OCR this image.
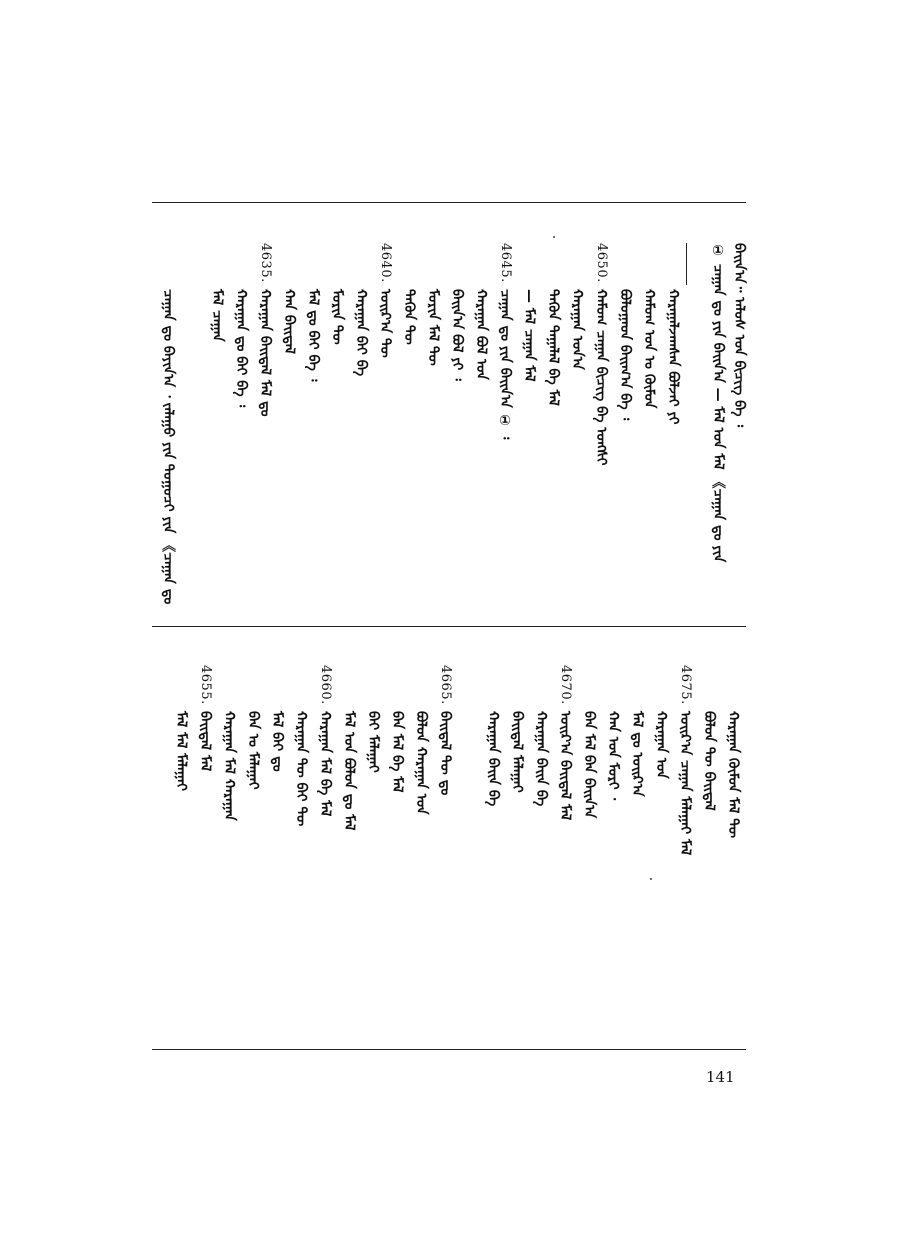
① ᠴᠠᠭᠠᠨ ᠳᠤ ᠶᠢᠨ ᠪᠠᠢᠨ᠎ᠠ — ᠮᠠᠯ ᠤᠨ ᠮᠠᠯ 《ᠴᠠᠭᠠᠨ ᠳᠤ ᠶᠢᠨ ᠪᠠᠢ᠌ᠨ᠎ᠠ᠃ ᠠᠯᠤᠰ ᠤᠨ ᠪᠢᠴᠢᠭ ᠪᠠ ᠄
ᠬᠠᠷᠠᠭᠠᠯᠵᠠᠭᠰᠠᠨ ᠪᠣᠯᠵᠠᠢ ᠶᠢ
ᠬᠠᠮᠤᠭ ᠤᠨ ᠤ ᠬᠦᠮᠦᠨ
ᠪᠤᠯᠤᠭᠠᠳ ᠪᠠᠢᠭ᠎ᠠ ᠪᠠ ᠄
4650.
ᠬᠠᠮᠤᠭ ᠴᠠᠭᠠᠨ ᠪᠢᠴᠢᠭ ᠪᠠ ᠤᠩᠰᠢ
ᠬᠠᠷᠠᠭᠠᠨ ᠤᠨ᠎ᠠ
ᠲᠡᠭᠦᠨ ᠲᠠᠭᠠᠯᠠᠯ ᠪᠠ ᠮᠠᠯ
— ᠮᠠᠯ ᠴᠠᠭᠠᠨ ᠮᠠᠯ
4645.
ᠴᠠᠭᠠᠨ ᠳᠤ ᠶᠢᠨ ᠪᠠᠢᠨ᠎ᠠ ① ᠄
ᠬᠠᠷᠠᠭᠠᠨ ᠪᠣᠯ ᠤᠨ
ᠪᠠᠢᠨ᠎ᠠ ᠪᠣᠯ ᠶᠢ ᠄
ᠮᠣᠷᠢᠨ ᠮᠠᠯ ᠲᠦ
ᠲᠡᠭᠦᠨ ᠲᠦ
4640.
ᠣᠢᠷ᠎ᠠ ᠲᠦ
ᠬᠠᠷᠠᠭᠠᠨ ᠪᠠᠢ ᠪᠠ
ᠮᠣᠷᠢᠨ ᠲᠦ
ᠮᠠᠯ ᠳᠤ ᠪᠠᠢ ᠪᠠ ᠄
ᠬᠠᠨ ᠪᠠᠢᠳᠠᠯ
4635.
ᠬᠠᠷᠠᠭᠠᠨ ᠪᠠᠢᠳᠠᠯ ᠮᠠᠯ ᠳᠤ
ᠬᠠᠷᠠᠭᠠᠨ ᠳᠤ ᠪᠠᠢ ᠪᠠ ᠄
ᠮᠠᠯ ᠴᠠᠭᠠᠨ
ᠴᠠᠭᠠᠨ ᠳᠤ ᠪᠠᠶᠢᠨ᠎ᠠ ᠂ ᠵᠠᠯᠠᠭᠤ ᠶᠢᠨ ᠳᠤᠭᠤᠴᠢ ᠶᠢᠨ 《ᠴᠠᠭᠠᠨ ᠳᠤ
ᠬᠠᠷᠠᠭᠠᠨ ᠬᠦᠮᠦᠨ ᠮᠠᠯ ᠲᠦ
ᠪᠣᠯᠤᠨ ᠲᠦ ᠪᠠᠢᠳᠠᠯ
4675.
ᠣᠢᠷ᠎ᠠ ᠴᠠᠭᠠᠨ ᠮᠠᠯᠠᠭᠠᠢ ᠮᠠᠯ
ᠬᠠᠷᠠᠭᠠᠨ ᠤᠨ
ᠮᠠᠯ ᠳᠤ ᠣᠢᠷ᠎ᠠ
ᠬᠠᠨ ᠤᠨ ᠮᠣᠷᠢ ᠂
ᠪᠠᠨ ᠮᠠᠯ ᠪᠠᠨ ᠪᠠᠢᠨ᠎ᠠ
4670.
ᠣᠢᠷ᠎ᠠ ᠪᠠᠢᠳᠠᠯ ᠮᠠᠯ
ᠬᠠᠷᠠᠭᠠᠨ ᠪᠠᠢᠨ ᠪᠠ
ᠪᠠᠢᠳᠠᠯ ᠮᠠᠯᠠᠭᠠᠢ
ᠬᠠᠷᠠᠭᠠᠨ ᠪᠠᠢᠨ ᠪᠠ
4665.
ᠪᠠᠢᠳᠠᠯ ᠲᠦ ᠳᠤ
ᠪᠣᠯᠤᠨ ᠬᠠᠷᠠᠭᠠᠨ ᠤᠨ
ᠪᠠᠨ ᠮᠠᠯ ᠪᠠ ᠮᠠᠯ
ᠪᠠᠢ ᠮᠠᠯᠠᠭᠠᠢ
ᠮᠠᠯ ᠤᠨ ᠪᠣᠯᠤᠨ ᠳᠤ ᠮᠠᠯ
4660.
ᠬᠠᠷᠠᠭᠠᠨ ᠮᠠᠯ ᠪᠠ ᠮᠠᠯ
ᠬᠠᠷᠠᠭᠠᠨ ᠲᠦ ᠪᠠᠢ ᠲᠦ
ᠮᠠᠯ ᠪᠠᠢ ᠳᠤ
ᠪᠠᠨ ᠤ ᠮᠠᠯᠠᠭᠠᠢ
ᠬᠠᠷᠠᠭᠠᠨ ᠮᠠᠯ ᠬᠠᠷᠠᠭᠠᠨ
4655.
ᠪᠠᠢᠳᠠᠯ ᠮᠠᠯ
ᠮᠠᠯ ᠮᠠᠯ ᠮᠠᠯᠠᠭᠠᠢ
141
